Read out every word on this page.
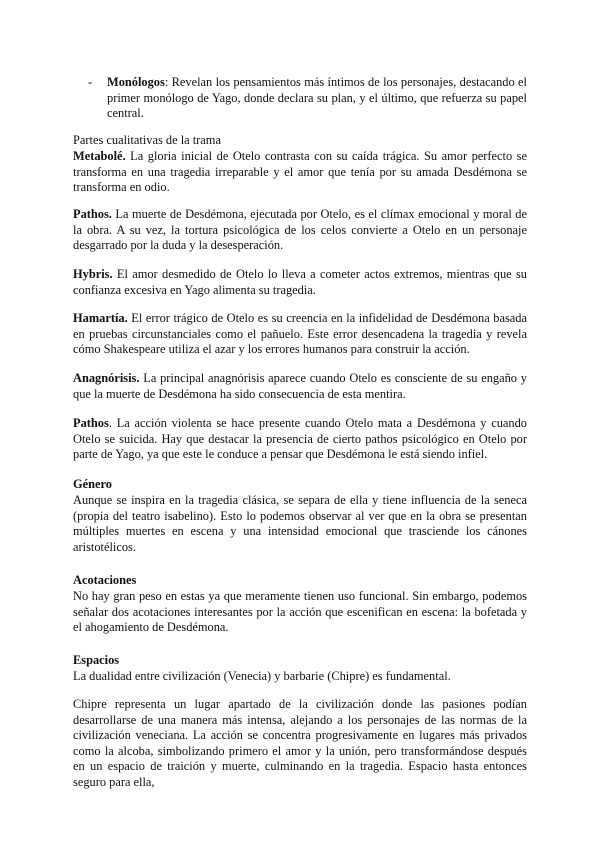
- Monólogos: Revelan los pensamientos más íntimos de los personajes, destacando el primer monólogo de Yago, donde declara su plan, y el último, que refuerza su papel central.

Partes cualitativas de la trama

Metabolé. La gloria inicial de Otelo contrasta con su caída trágica. Su amor perfecto se transforma en una tragedia irreparable y el amor que tenía por su amada Desdémona se transforma en odio.

Pathos. La muerte de Desdémona, ejecutada por Otelo, es el clímax emocional y moral de la obra. A su vez, la tortura psicológica de los celos convierte a Otelo en un personaje desgarrado por la duda y la desesperación.

Hybris. El amor desmedido de Otelo lo lleva a cometer actos extremos, mientras que su confianza excesiva en Yago alimenta su tragedia.

Hamartía. El error trágico de Otelo es su creencia en la infidelidad de Desdémona basada en pruebas circunstanciales como el pañuelo. Este error desencadena la tragedia y revela cómo Shakespeare utiliza el azar y los errores humanos para construir la acción.

Anagnórisis. La principal anagnórisis aparece cuando Otelo es consciente de su engaño y que la muerte de Desdémona ha sido consecuencia de esta mentira.

Pathos. La acción violenta se hace presente cuando Otelo mata a Desdémona y cuando Otelo se suicida. Hay que destacar la presencia de cierto pathos psicológico en Otelo por parte de Yago, ya que este le conduce a pensar que Desdémona le está siendo infiel.

Género

Aunque se inspira en la tragedia clásica, se separa de ella y tiene influencia de la seneca (propia del teatro isabelino). Esto lo podemos observar al ver que en la obra se presentan múltiples muertes en escena y una intensidad emocional que trasciende los cánones aristotélicos.

Acotaciones

No hay gran peso en estas ya que meramente tienen uso funcional. Sin embargo, podemos señalar dos acotaciones interesantes por la acción que escenifican en escena: la bofetada y el ahogamiento de Desdémona.

Espacios

La dualidad entre civilización (Venecia) y barbarie (Chipre) es fundamental.

Chipre representa un lugar apartado de la civilización donde las pasiones podían desarrollarse de una manera más intensa, alejando a los personajes de las normas de la civilización veneciana. La acción se concentra progresivamente en lugares más privados como la alcoba, simbolizando primero el amor y la unión, pero transformándose después en un espacio de traición y muerte, culminando en la tragedia. Espacio hasta entonces seguro para ella,
